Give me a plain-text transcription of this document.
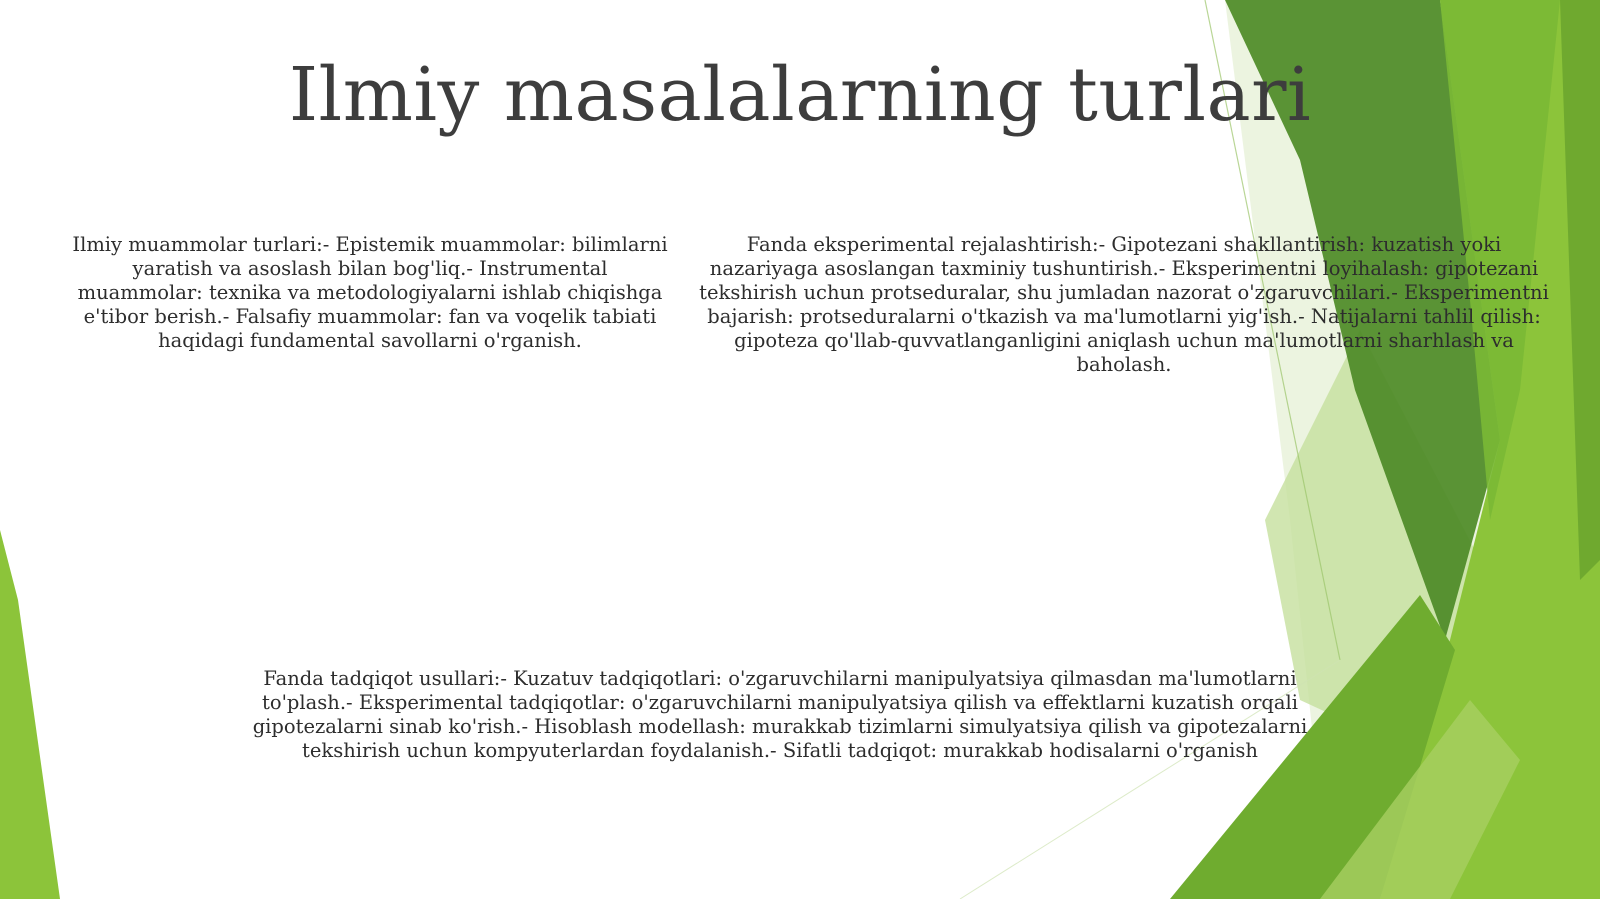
Ilmiy masalalarning turlari

Ilmiy muammolar turlari:- Epistemik muammolar: bilimlarni yaratish va asoslash bilan bog'liq.- Instrumental muammolar: texnika va metodologiyalarni ishlab chiqishga e'tibor berish.- Falsafiy muammolar: fan va voqelik tabiati haqidagi fundamental savollarni o'rganish.

Fanda eksperimental rejalashtirish:- Gipotezani shakllantirish: kuzatish yoki nazariyaga asoslangan taxminiy tushuntirish.- Eksperimentni loyihalash: gipotezani tekshirish uchun protseduralar, shu jumladan nazorat o'zgaruvchilari.- Eksperimentni bajarish: protseduralarni o'tkazish va ma'lumotlarni yig'ish.- Natijalarni tahlil qilish: gipoteza qo'llab-quvvatlanganligini aniqlash uchun ma'lumotlarni sharhlash va baholash.

Fanda tadqiqot usullari:- Kuzatuv tadqiqotlari: o'zgaruvchilarni manipulyatsiya qilmasdan ma'lumotlarni to'plash.- Eksperimental tadqiqotlar: o'zgaruvchilarni manipulyatsiya qilish va effektlarni kuzatish orqali gipotezalarni sinab ko'rish.- Hisoblash modellash: murakkab tizimlarni simulyatsiya qilish va gipotezalarni tekshirish uchun kompyuterlardan foydalanish.- Sifatli tadqiqot: murakkab hodisalarni o'rganish
